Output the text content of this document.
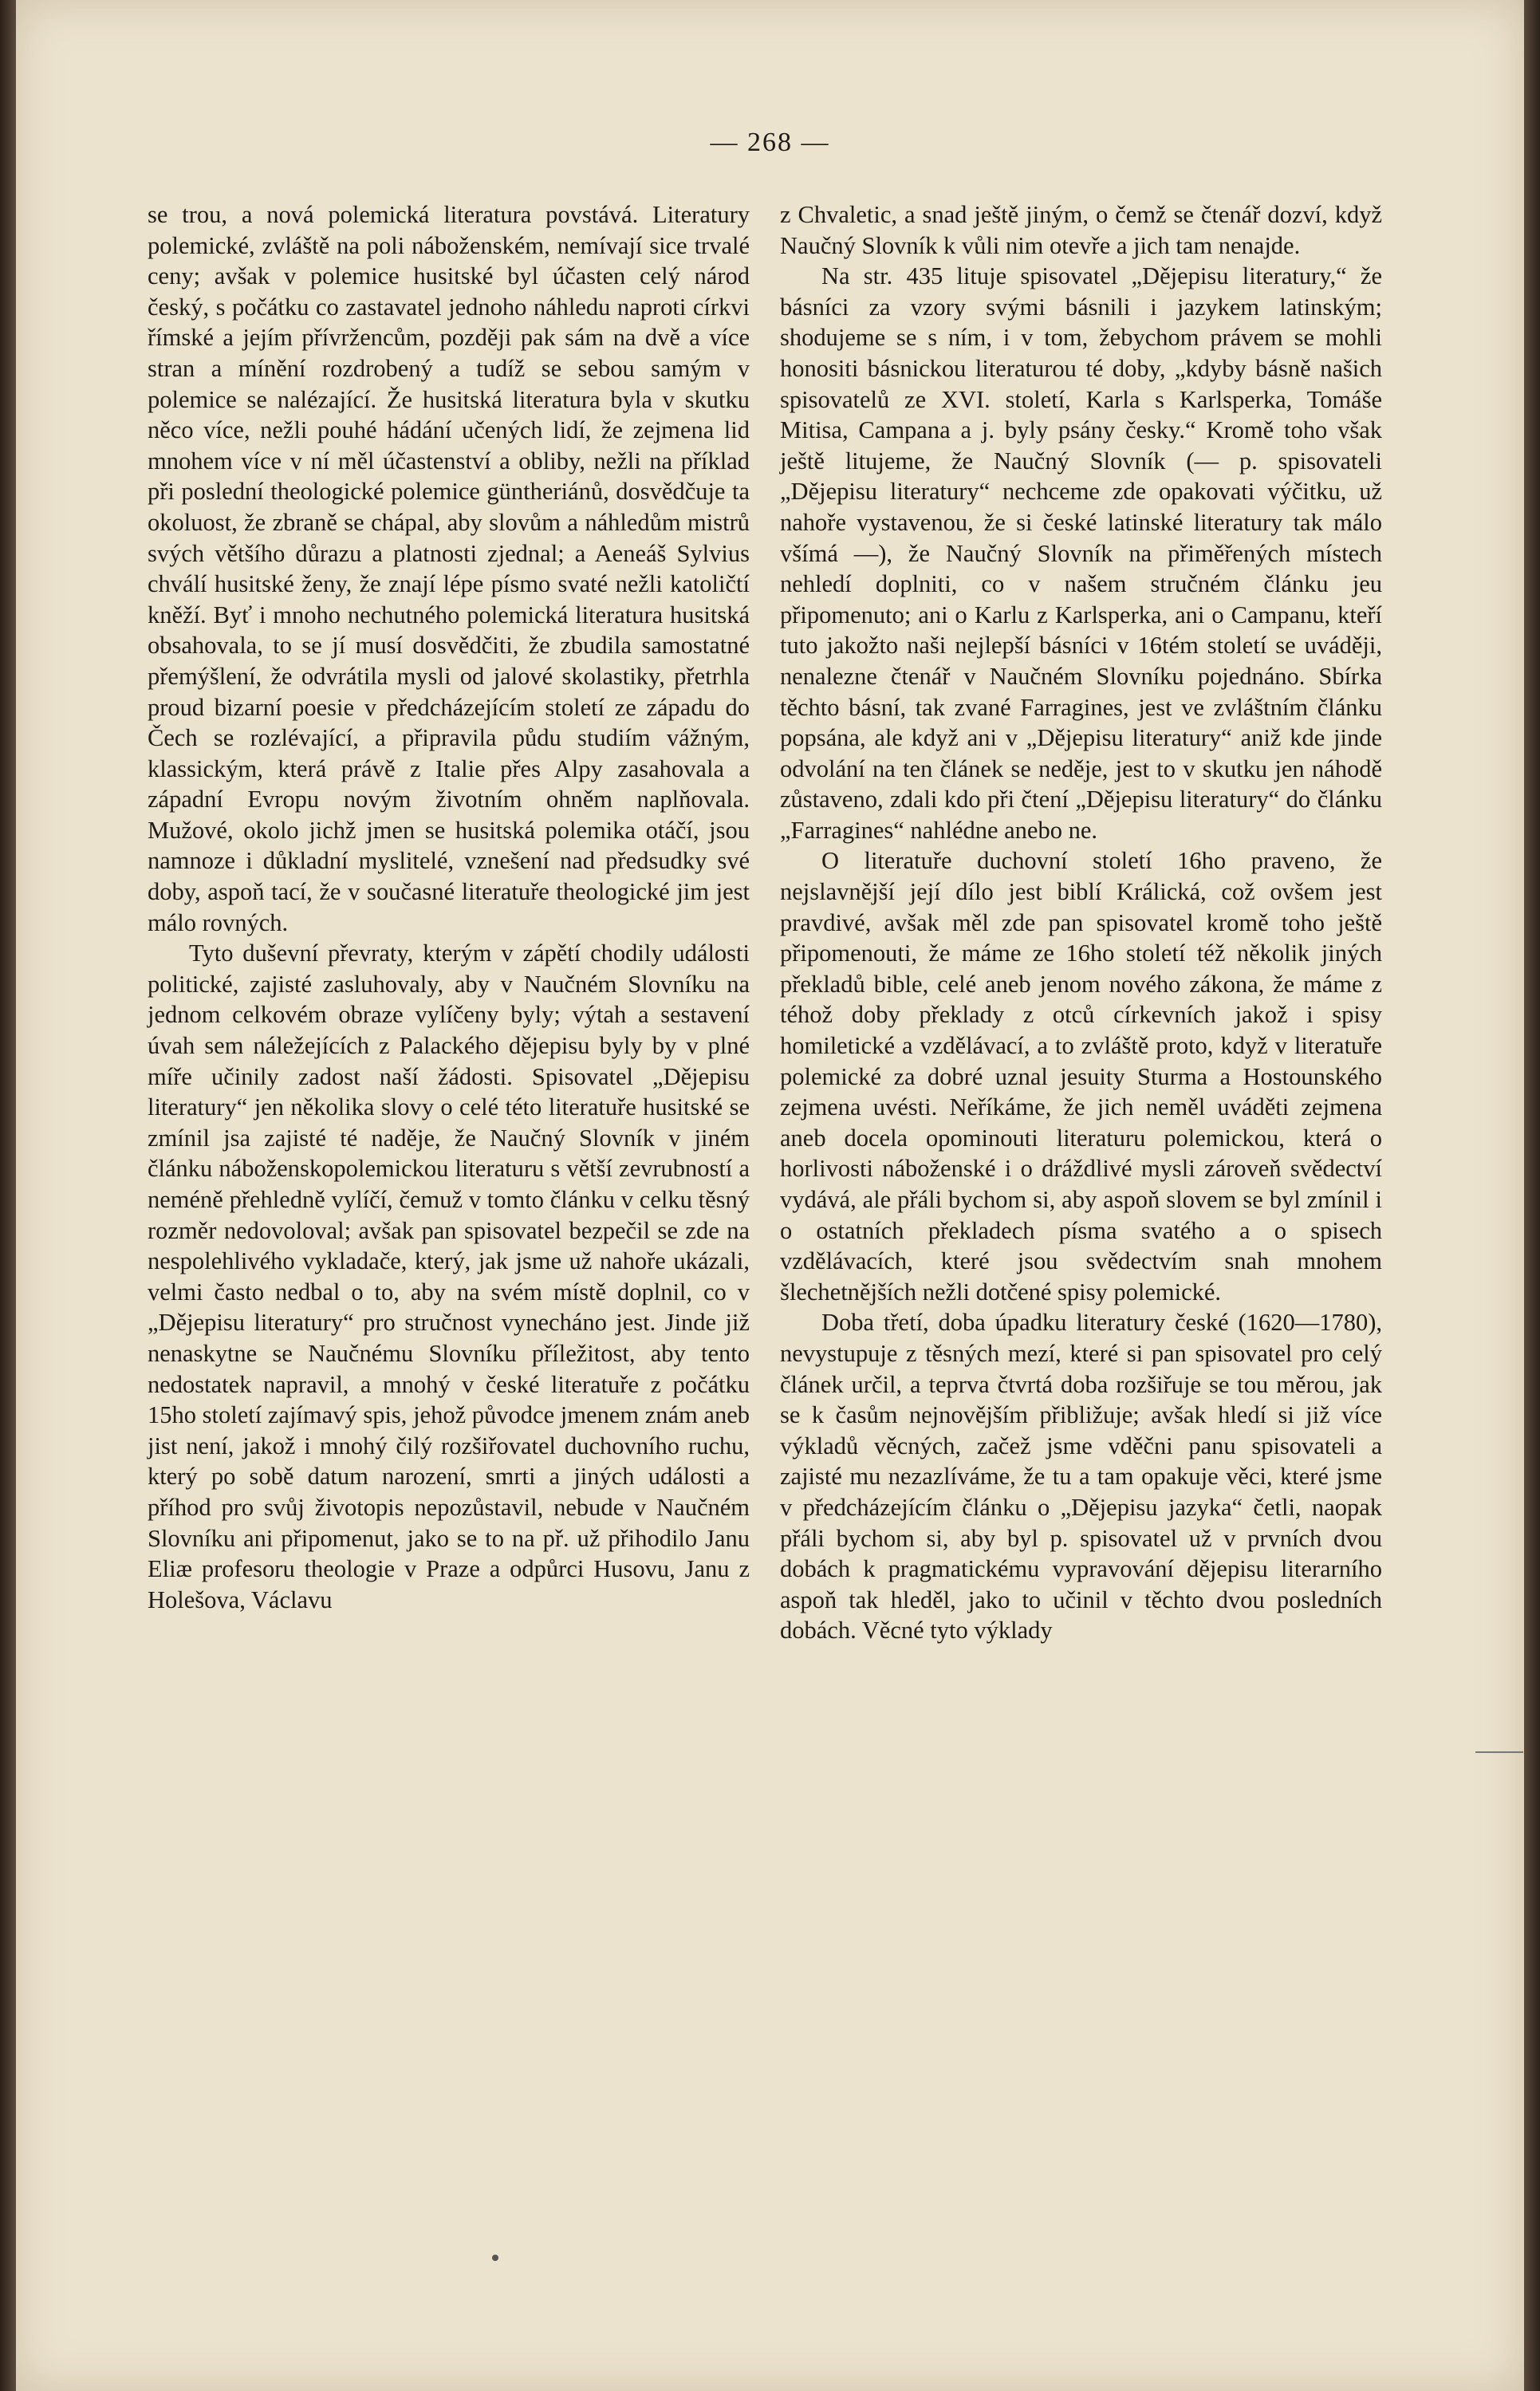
— 268 —

se trou, a nová polemická literatura povstává. Literatury polemické, zvláště na poli náboženském, nemívají sice trvalé ceny; avšak v polemice husitské byl účasten celý národ český, s počátku co zastavatel jednoho náhledu naproti církvi římské a jejím přívržencům, později pak sám na dvě a více stran a mínění rozdrobený a tudíž se sebou samým v polemice se nalézající. Že husitská literatura byla v skutku něco více, nežli pouhé hádání učených lidí, že zejmena lid mnohem více v ní měl účastenství a obliby, nežli na příklad při poslední theologické polemice güntheriánů, dosvědčuje ta okoluost, že zbraně se chápal, aby slovům a náhledům mistrů svých většího důrazu a platnosti zjednal; a Aeneáš Sylvius chválí husitské ženy, že znají lépe písmo svaté nežli katoličtí kněží. Byť i mnoho nechutného polemická literatura husitská obsahovala, to se jí musí dosvědčiti, že zbudila samostatné přemýšlení, že odvrátila mysli od jalové skolastiky, přetrhla proud bizarní poesie v předcházejícím století ze západu do Čech se rozlévající, a připravila půdu studiím vážným, klassickým, která právě z Italie přes Alpy zasahovala a západní Evropu novým životním ohněm naplňovala. Mužové, okolo jichž jmen se husitská polemika otáčí, jsou namnoze i důkladní myslitelé, vznešení nad předsudky své doby, aspoň tací, že v současné literatuře theologické jim jest málo rovných.

Tyto duševní převraty, kterým v zápětí chodily události politické, zajisté zasluhovaly, aby v Naučném Slovníku na jednom celkovém obraze vylíčeny byly; výtah a sestavení úvah sem náležejících z Palackého dějepisu byly by v plné míře učinily zadost naší žádosti. Spisovatel „Dějepisu literatury“ jen několika slovy o celé této literatuře husitské se zmínil jsa zajisté té naděje, že Naučný Slovník v jiném článku náboženskopolemickou literaturu s větší zevrubností a neméně přehledně vylíčí, čemuž v tomto článku v celku těsný rozměr nedovoloval; avšak pan spisovatel bezpečil se zde na nespolehlivého vykladače, který, jak jsme už nahoře ukázali, velmi často nedbal o to, aby na svém místě doplnil, co v „Dějepisu literatury“ pro stručnost vynecháno jest. Jinde již nenaskytne se Naučnému Slovníku příležitost, aby tento nedostatek napravil, a mnohý v české literatuře z počátku 15ho století zajímavý spis, jehož původce jmenem znám aneb jist není, jakož i mnohý čilý rozšiřovatel duchovního ruchu, který po sobě datum narození, smrti a jiných události a příhod pro svůj životopis nepozůstavil, nebude v Naučném Slovníku ani připomenut, jako se to na př. už přihodilo Janu Eliæ profesoru theologie v Praze a odpůrci Husovu, Janu z Holešova, Václavu

z Chvaletic, a snad ještě jiným, o čemž se čtenář dozví, když Naučný Slovník k vůli nim otevře a jich tam nenajde.

Na str. 435 lituje spisovatel „Dějepisu literatury,“ že básníci za vzory svými básnili i jazykem latinským; shodujeme se s ním, i v tom, žebychom právem se mohli honositi básnickou literaturou té doby, „kdyby básně našich spisovatelů ze XVI. století, Karla s Karlsperka, Tomáše Mitisa, Campana a j. byly psány česky.“ Kromě toho však ještě litujeme, že Naučný Slovník (— p. spisovateli „Dějepisu literatury“ nechceme zde opakovati výčitku, už nahoře vystavenou, že si české latinské literatury tak málo všímá —), že Naučný Slovník na přiměřených místech nehledí doplniti, co v našem stručném článku jeu připomenuto; ani o Karlu z Karlsperka, ani o Campanu, kteří tuto jakožto naši nejlepší básníci v 16tém století se uváději, nenalezne čtenář v Naučném Slovníku pojednáno. Sbírka těchto básní, tak zvané Farragines, jest ve zvláštním článku popsána, ale když ani v „Dějepisu literatury“ aniž kde jinde odvolání na ten článek se neděje, jest to v skutku jen náhodě zůstaveno, zdali kdo při čtení „Dějepisu literatury“ do článku „Farragines“ nahlédne anebo ne.

O literatuře duchovní století 16ho praveno, že nejslavnější její dílo jest biblí Králická, což ovšem jest pravdivé, avšak měl zde pan spisovatel kromě toho ještě připomenouti, že máme ze 16ho století též několik jiných překladů bible, celé aneb jenom nového zákona, že máme z téhož doby překlady z otců církevních jakož i spisy homiletické a vzdělávací, a to zvláště proto, když v literatuře polemické za dobré uznal jesuity Sturma a Hostounského zejmena uvésti. Neříkáme, že jich neměl uváděti zejmena aneb docela opominouti literaturu polemickou, která o horlivosti náboženské i o dráždlivé mysli zároveň svědectví vydává, ale přáli bychom si, aby aspoň slovem se byl zmínil i o ostatních překladech písma svatého a o spisech vzdělávacích, které jsou svědectvím snah mnohem šlechetnějších nežli dotčené spisy polemické.

Doba třetí, doba úpadku literatury české (1620—1780), nevystupuje z těsných mezí, které si pan spisovatel pro celý článek určil, a teprva čtvrtá doba rozšiřuje se tou měrou, jak se k časům nejnovějším přibližuje; avšak hledí si již více výkladů věcných, začež jsme vděčni panu spisovateli a zajisté mu nezazlíváme, že tu a tam opakuje věci, které jsme v předcházejícím článku o „Dějepisu jazyka“ četli, naopak přáli bychom si, aby byl p. spisovatel už v prvních dvou dobách k pragmatickému vypravování dějepisu literarního aspoň tak hleděl, jako to učinil v těchto dvou posledních dobách. Věcné tyto výklady
